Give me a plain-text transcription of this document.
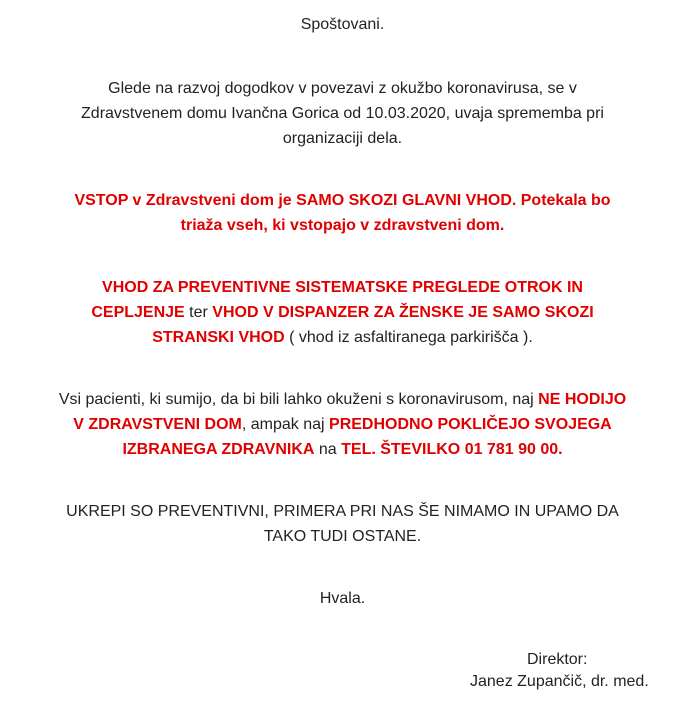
Spoštovani.

Glede na razvoj dogodkov v povezavi z okužbo koronavirusa, se v

Zdravstvenem domu Ivančna Gorica od 10.03.2020, uvaja sprememba pri

organizaciji dela.

VSTOP v Zdravstveni dom je SAMO SKOZI GLAVNI VHOD. Potekala bo

triaža vseh, ki vstopajo v zdravstveni dom.

VHOD ZA PREVENTIVNE SISTEMATSKE PREGLEDE OTROK IN

CEPLJENJE ter VHOD V DISPANZER ZA ŽENSKE JE SAMO SKOZI

STRANSKI VHOD ( vhod iz asfaltiranega parkirišča ).

Vsi pacienti, ki sumijo, da bi bili lahko okuženi s koronavirusom, naj NE HODIJO

V ZDRAVSTVENI DOM, ampak naj PREDHODNO POKLIČEJO SVOJEGA

IZBRANEGA ZDRAVNIKA na TEL. ŠTEVILKO 01 781 90 00.

UKREPI SO PREVENTIVNI, PRIMERA PRI NAS ŠE NIMAMO IN UPAMO DA

TAKO TUDI OSTANE.

Hvala.

Direktor:
Janez Zupančič, dr. med.
